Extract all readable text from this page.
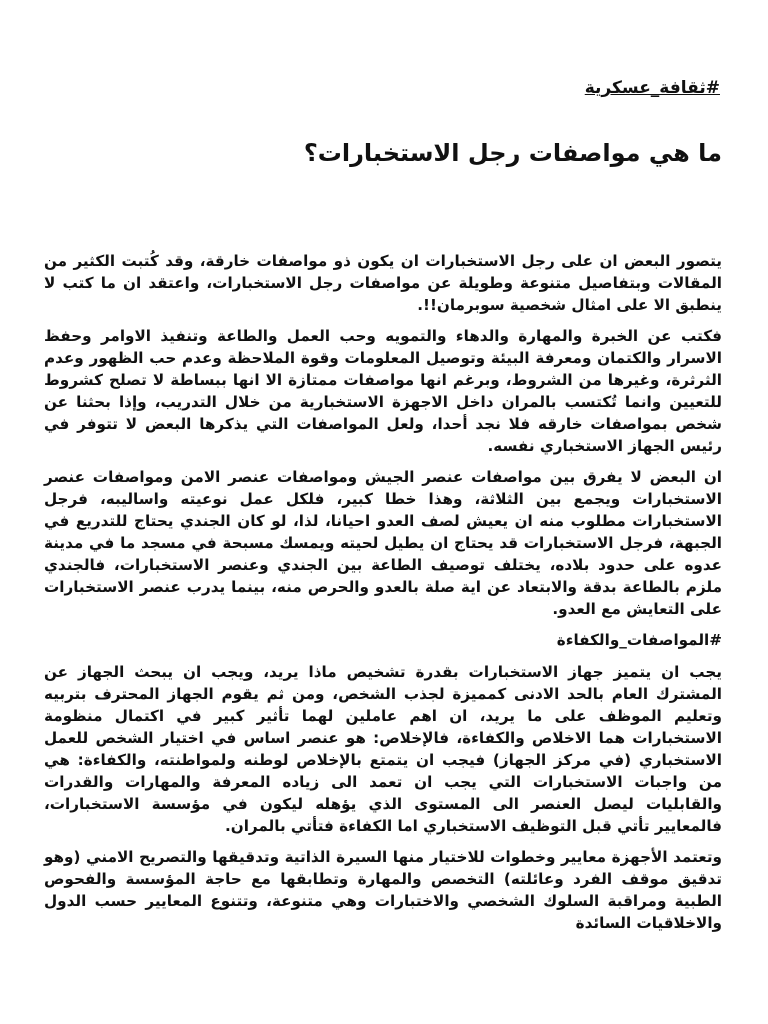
#ثقافة_عسكرية
ما هي مواصفات رجل الاستخبارات؟

يتصور البعض ان على رجل الاستخبارات ان يكون ذو مواصفات خارقة، وقد كُتبت الكثير من المقالات وبتفاصيل متنوعة وطويلة عن مواصفات رجل الاستخبارات، واعتقد ان ما كتب لا ينطبق الا على امثال شخصية سوبرمان!!.

فكتب عن الخبرة والمهارة والدهاء والتمويه وحب العمل والطاعة وتنفيذ الاوامر وحفظ الاسرار والكتمان ومعرفة البيئة وتوصيل المعلومات وقوة الملاحظة وعدم حب الظهور وعدم الثرثرة، وغيرها من الشروط، وبرغم انها مواصفات ممتازة الا انها ببساطة لا تصلح كشروط للتعيين وانما تُكتسب بالمران داخل الاجهزة الاستخبارية من خلال التدريب، وإذا بحثنا عن شخص بمواصفات خارقه فلا نجد أحدا، ولعل المواصفات التي يذكرها البعض لا تتوفر في رئيس الجهاز الاستخباري نفسه.

ان البعض لا يفرق بين مواصفات عنصر الجيش ومواصفات عنصر الامن ومواصفات عنصر الاستخبارات ويجمع بين الثلاثة، وهذا خطا كبير، فلكل عمل نوعيته واساليبه، فرجل الاستخبارات مطلوب منه ان يعيش لصف العدو احيانا، لذا، لو كان الجندي يحتاج للتدريع في الجبهة، فرجل الاستخبارات قد يحتاج ان يطيل لحيته ويمسك مسبحة في مسجد ما في مدينة عدوه على حدود بلاده، يختلف توصيف الطاعة بين الجندي وعنصر الاستخبارات، فالجندي ملزم بالطاعة بدقة والابتعاد عن اية صلة بالعدو والحرص منه، بينما يدرب عنصر الاستخبارات على التعايش مع العدو.

#المواصفات_والكفاءة

يجب ان يتميز جهاز الاستخبارات بقدرة تشخيص ماذا يريد، ويجب ان يبحث الجهاز عن المشترك العام بالحد الادنى كمميزة لجذب الشخص، ومن ثم يقوم الجهاز المحترف بتربيه وتعليم الموظف على ما يريد، ان اهم عاملين لهما تأثير كبير في اكتمال منظومة الاستخبارات هما الاخلاص والكفاءة، فالإخلاص: هو عنصر اساس في اختيار الشخص للعمل الاستخباري (في مركز الجهاز) فيجب ان يتمتع بالإخلاص لوطنه ولمواطنته، والكفاءة: هي من واجبات الاستخبارات التي يجب ان تعمد الى زياده المعرفة والمهارات والقدرات والقابليات ليصل العنصر الى المستوى الذي يؤهله ليكون في مؤسسة الاستخبارات، فالمعايير تأتي قبل التوظيف الاستخباري اما الكفاءة فتأتي بالمران.

وتعتمد الأجهزة معايير وخطوات للاختيار منها السيرة الذاتية وتدقيقها والتصريح الامني (وهو تدقيق موقف الفرد وعائلته) التخصص والمهارة وتطابقها مع حاجة المؤسسة والفحوص الطبية ومراقبة السلوك الشخصي والاختبارات وهي متنوعة، وتتنوع المعايير حسب الدول والاخلاقيات السائدة
